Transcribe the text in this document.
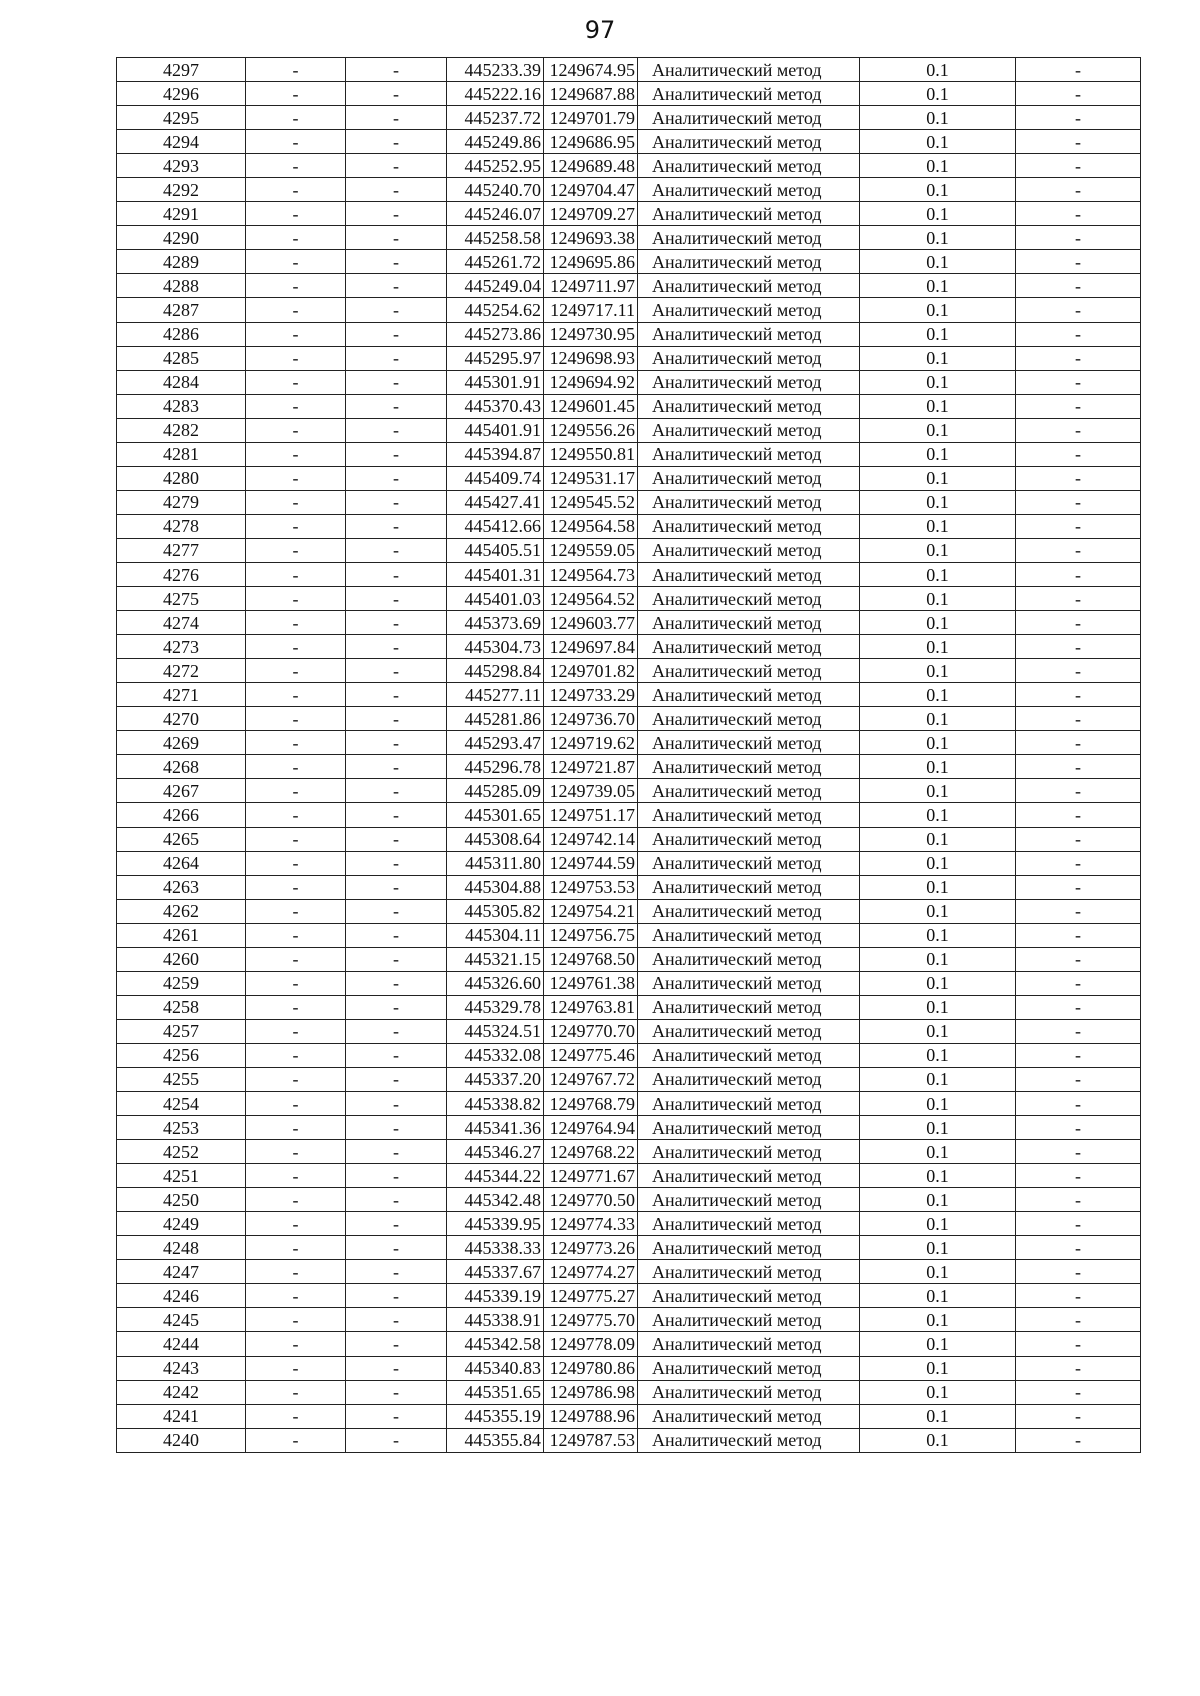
97
4297	-	-	445233.39	1249674.95	Аналитический метод	0.1	-
4296	-	-	445222.16	1249687.88	Аналитический метод	0.1	-
4295	-	-	445237.72	1249701.79	Аналитический метод	0.1	-
4294	-	-	445249.86	1249686.95	Аналитический метод	0.1	-
4293	-	-	445252.95	1249689.48	Аналитический метод	0.1	-
4292	-	-	445240.70	1249704.47	Аналитический метод	0.1	-
4291	-	-	445246.07	1249709.27	Аналитический метод	0.1	-
4290	-	-	445258.58	1249693.38	Аналитический метод	0.1	-
4289	-	-	445261.72	1249695.86	Аналитический метод	0.1	-
4288	-	-	445249.04	1249711.97	Аналитический метод	0.1	-
4287	-	-	445254.62	1249717.11	Аналитический метод	0.1	-
4286	-	-	445273.86	1249730.95	Аналитический метод	0.1	-
4285	-	-	445295.97	1249698.93	Аналитический метод	0.1	-
4284	-	-	445301.91	1249694.92	Аналитический метод	0.1	-
4283	-	-	445370.43	1249601.45	Аналитический метод	0.1	-
4282	-	-	445401.91	1249556.26	Аналитический метод	0.1	-
4281	-	-	445394.87	1249550.81	Аналитический метод	0.1	-
4280	-	-	445409.74	1249531.17	Аналитический метод	0.1	-
4279	-	-	445427.41	1249545.52	Аналитический метод	0.1	-
4278	-	-	445412.66	1249564.58	Аналитический метод	0.1	-
4277	-	-	445405.51	1249559.05	Аналитический метод	0.1	-
4276	-	-	445401.31	1249564.73	Аналитический метод	0.1	-
4275	-	-	445401.03	1249564.52	Аналитический метод	0.1	-
4274	-	-	445373.69	1249603.77	Аналитический метод	0.1	-
4273	-	-	445304.73	1249697.84	Аналитический метод	0.1	-
4272	-	-	445298.84	1249701.82	Аналитический метод	0.1	-
4271	-	-	445277.11	1249733.29	Аналитический метод	0.1	-
4270	-	-	445281.86	1249736.70	Аналитический метод	0.1	-
4269	-	-	445293.47	1249719.62	Аналитический метод	0.1	-
4268	-	-	445296.78	1249721.87	Аналитический метод	0.1	-
4267	-	-	445285.09	1249739.05	Аналитический метод	0.1	-
4266	-	-	445301.65	1249751.17	Аналитический метод	0.1	-
4265	-	-	445308.64	1249742.14	Аналитический метод	0.1	-
4264	-	-	445311.80	1249744.59	Аналитический метод	0.1	-
4263	-	-	445304.88	1249753.53	Аналитический метод	0.1	-
4262	-	-	445305.82	1249754.21	Аналитический метод	0.1	-
4261	-	-	445304.11	1249756.75	Аналитический метод	0.1	-
4260	-	-	445321.15	1249768.50	Аналитический метод	0.1	-
4259	-	-	445326.60	1249761.38	Аналитический метод	0.1	-
4258	-	-	445329.78	1249763.81	Аналитический метод	0.1	-
4257	-	-	445324.51	1249770.70	Аналитический метод	0.1	-
4256	-	-	445332.08	1249775.46	Аналитический метод	0.1	-
4255	-	-	445337.20	1249767.72	Аналитический метод	0.1	-
4254	-	-	445338.82	1249768.79	Аналитический метод	0.1	-
4253	-	-	445341.36	1249764.94	Аналитический метод	0.1	-
4252	-	-	445346.27	1249768.22	Аналитический метод	0.1	-
4251	-	-	445344.22	1249771.67	Аналитический метод	0.1	-
4250	-	-	445342.48	1249770.50	Аналитический метод	0.1	-
4249	-	-	445339.95	1249774.33	Аналитический метод	0.1	-
4248	-	-	445338.33	1249773.26	Аналитический метод	0.1	-
4247	-	-	445337.67	1249774.27	Аналитический метод	0.1	-
4246	-	-	445339.19	1249775.27	Аналитический метод	0.1	-
4245	-	-	445338.91	1249775.70	Аналитический метод	0.1	-
4244	-	-	445342.58	1249778.09	Аналитический метод	0.1	-
4243	-	-	445340.83	1249780.86	Аналитический метод	0.1	-
4242	-	-	445351.65	1249786.98	Аналитический метод	0.1	-
4241	-	-	445355.19	1249788.96	Аналитический метод	0.1	-
4240	-	-	445355.84	1249787.53	Аналитический метод	0.1	-
